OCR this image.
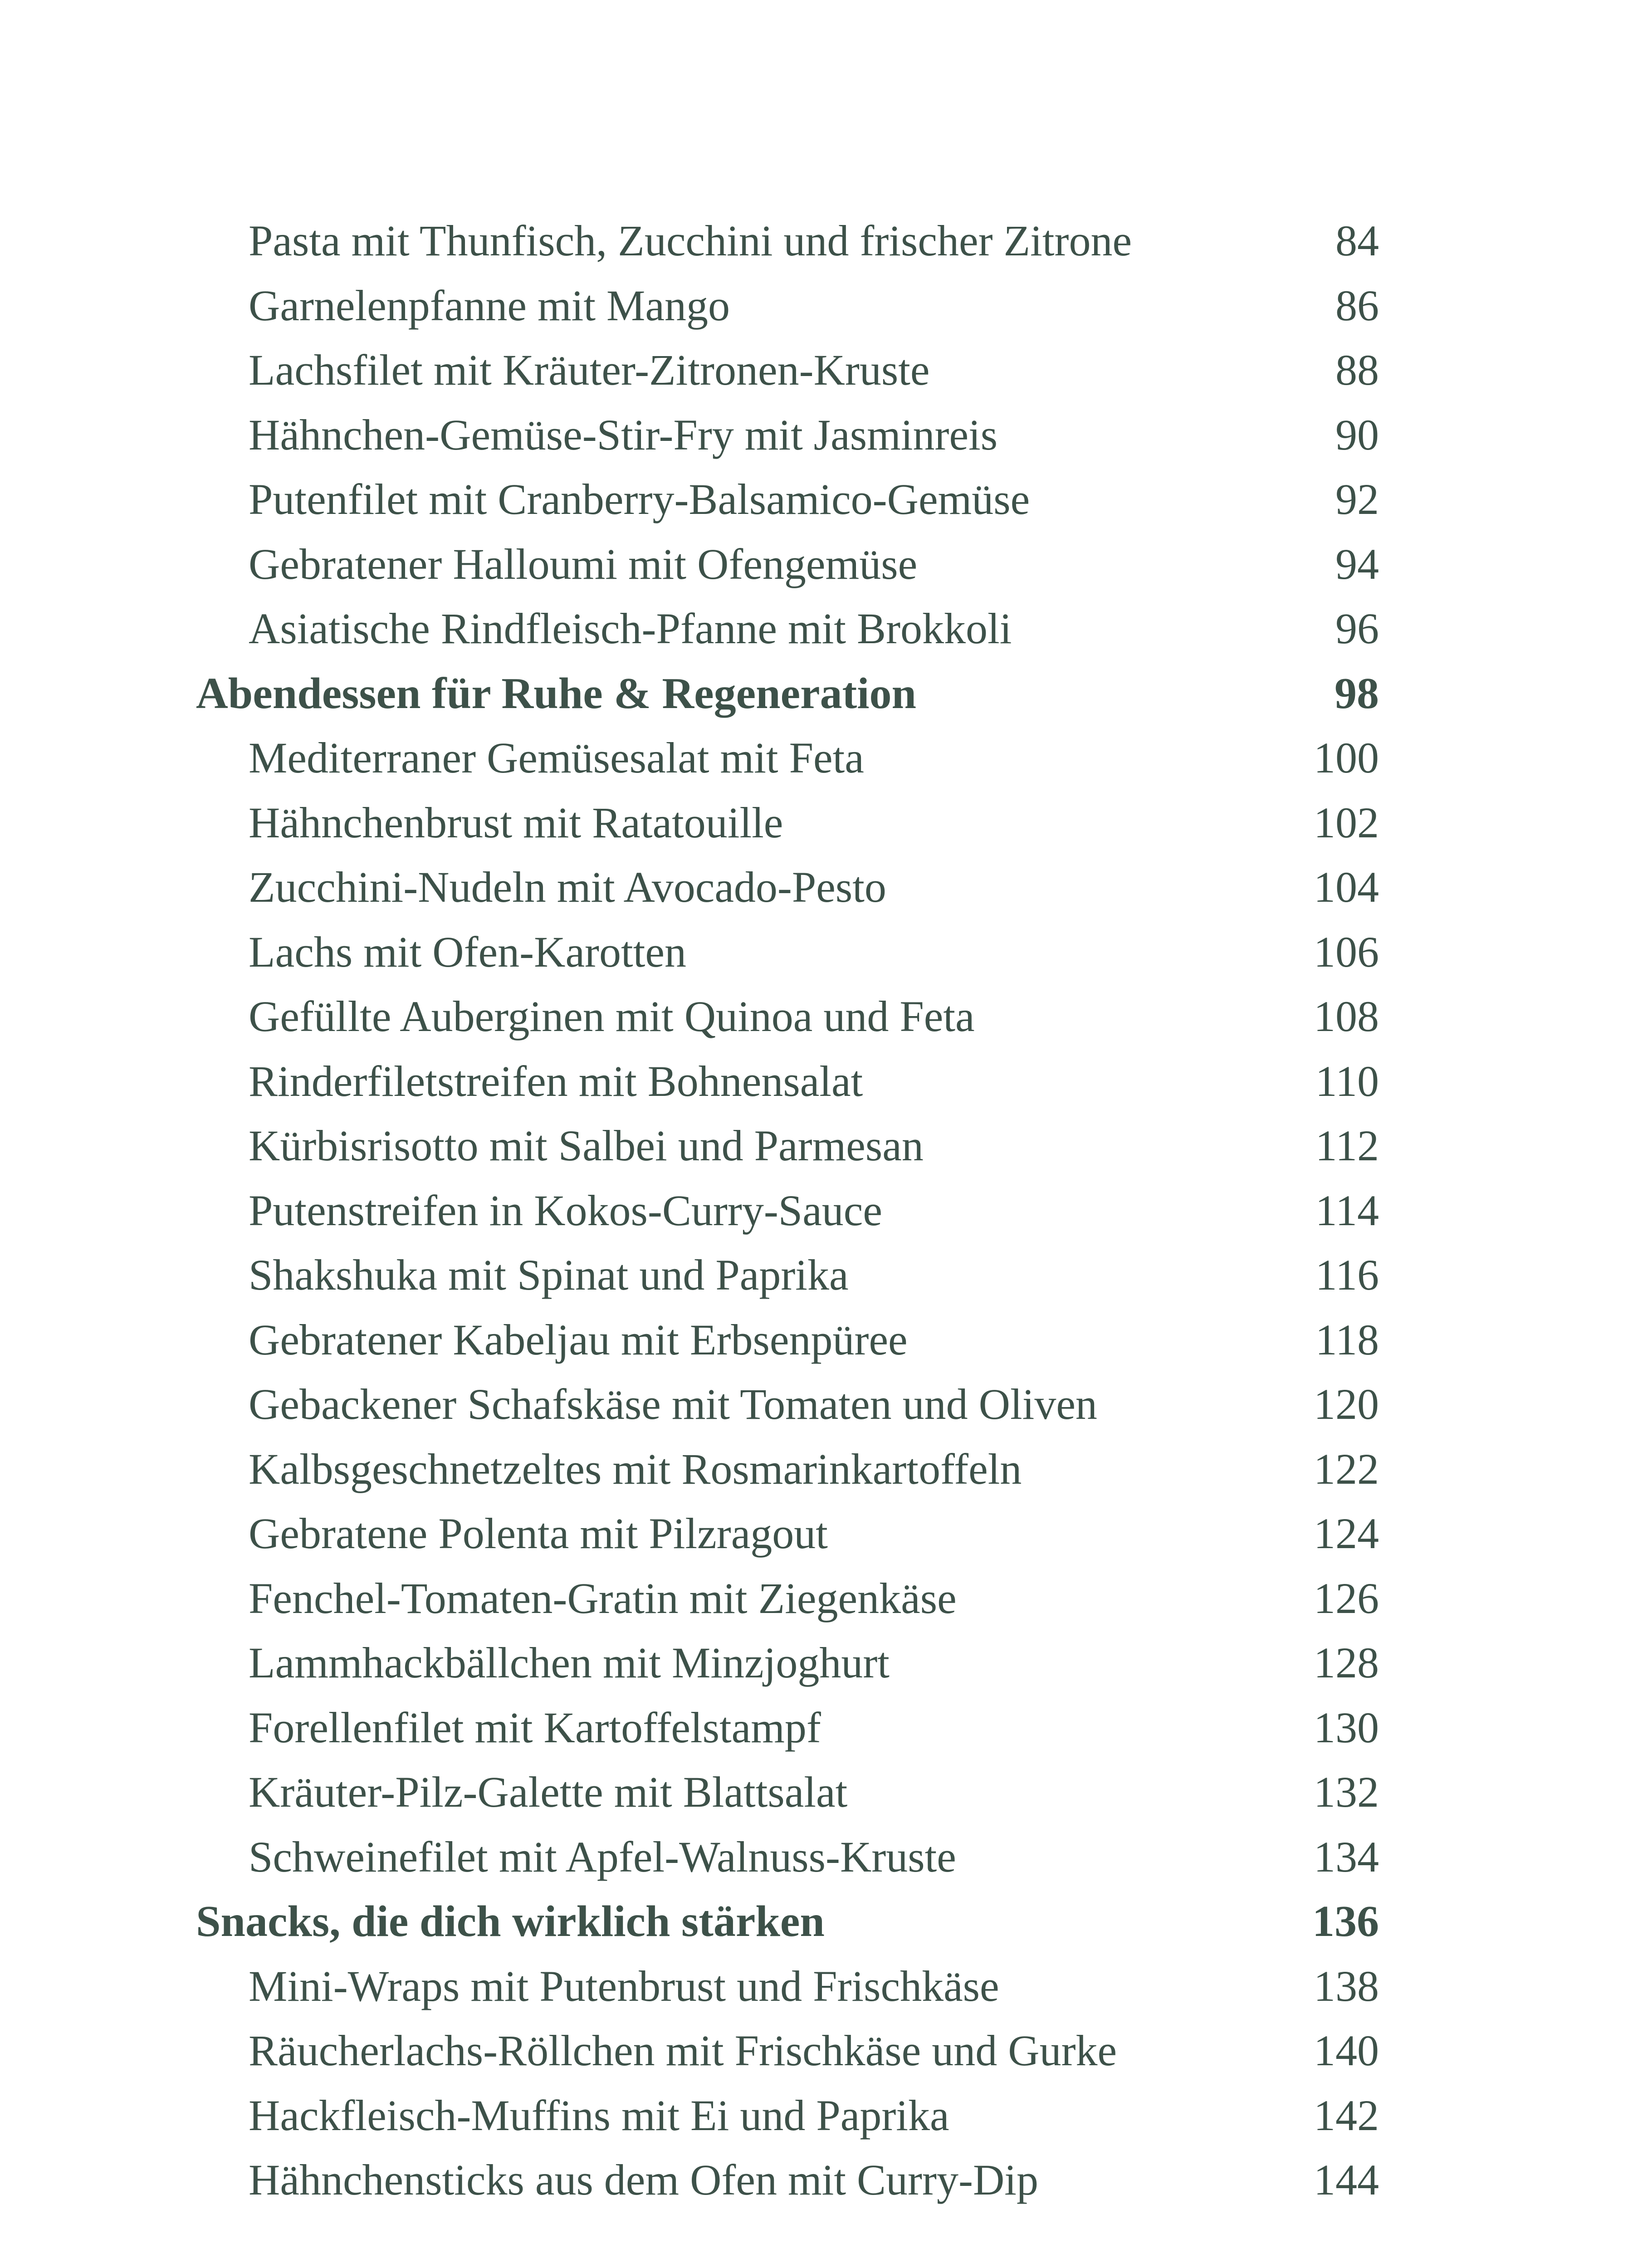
Pasta mit Thunfisch, Zucchini und frischer Zitrone	84
Garnelenpfanne mit Mango	86
Lachsfilet mit Kräuter-Zitronen-Kruste	88
Hähnchen-Gemüse-Stir-Fry mit Jasminreis	90
Putenfilet mit Cranberry-Balsamico-Gemüse	92
Gebratener Halloumi mit Ofengemüse	94
Asiatische Rindfleisch-Pfanne mit Brokkoli	96
Abendessen für Ruhe & Regeneration	98
Mediterraner Gemüsesalat mit Feta	100
Hähnchenbrust mit Ratatouille	102
Zucchini-Nudeln mit Avocado-Pesto	104
Lachs mit Ofen-Karotten	106
Gefüllte Auberginen mit Quinoa und Feta	108
Rinderfiletstreifen mit Bohnensalat	110
Kürbisrisotto mit Salbei und Parmesan	112
Putenstreifen in Kokos-Curry-Sauce	114
Shakshuka mit Spinat und Paprika	116
Gebratener Kabeljau mit Erbsenpüree	118
Gebackener Schafskäse mit Tomaten und Oliven	120
Kalbsgeschnetzeltes mit Rosmarinkartoffeln	122
Gebratene Polenta mit Pilzragout	124
Fenchel-Tomaten-Gratin mit Ziegenkäse	126
Lammhackbällchen mit Minzjoghurt	128
Forellenfilet mit Kartoffelstampf	130
Kräuter-Pilz-Galette mit Blattsalat	132
Schweinefilet mit Apfel-Walnuss-Kruste	134
Snacks, die dich wirklich stärken	136
Mini-Wraps mit Putenbrust und Frischkäse	138
Räucherlachs-Röllchen mit Frischkäse und Gurke	140
Hackfleisch-Muffins mit Ei und Paprika	142
Hähnchensticks aus dem Ofen mit Curry-Dip	144
